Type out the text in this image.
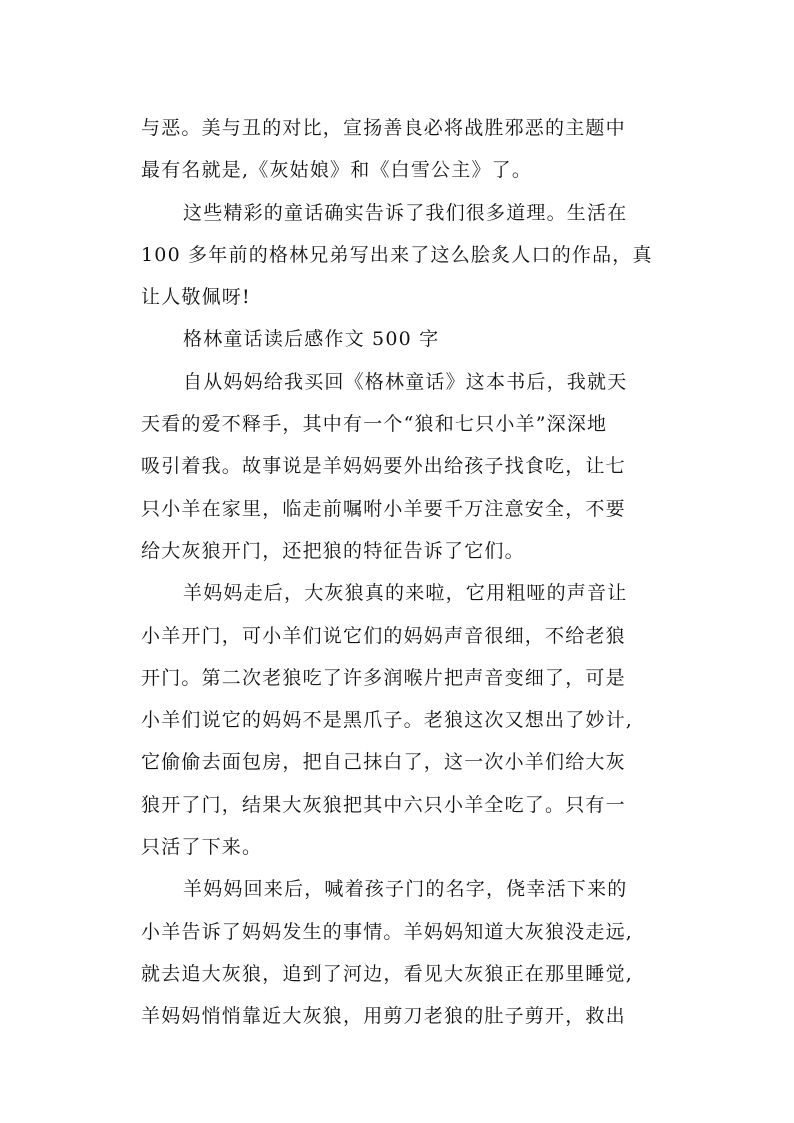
与恶。美与丑的对比，宣扬善良必将战胜邪恶的主题中
最有名就是,《灰姑娘》和《白雪公主》了。
这些精彩的童话确实告诉了我们很多道理。生活在
100 多年前的格林兄弟写出来了这么脍炙人口的作品，真
让人敬佩呀!
格林童话读后感作文 500 字
自从妈妈给我买回《格林童话》这本书后，我就天
天看的爱不释手，其中有一个“狼和七只小羊”深深地
吸引着我。故事说是羊妈妈要外出给孩子找食吃，让七
只小羊在家里，临走前嘱咐小羊要千万注意安全，不要
给大灰狼开门，还把狼的特征告诉了它们。
羊妈妈走后，大灰狼真的来啦，它用粗哑的声音让
小羊开门，可小羊们说它们的妈妈声音很细，不给老狼
开门。第二次老狼吃了许多润喉片把声音变细了，可是
小羊们说它的妈妈不是黑爪子。老狼这次又想出了妙计,
它偷偷去面包房，把自己抹白了，这一次小羊们给大灰
狼开了门，结果大灰狼把其中六只小羊全吃了。只有一
只活了下来。
羊妈妈回来后，喊着孩子门的名字，侥幸活下来的
小羊告诉了妈妈发生的事情。羊妈妈知道大灰狼没走远,
就去追大灰狼，追到了河边，看见大灰狼正在那里睡觉,
羊妈妈悄悄靠近大灰狼，用剪刀老狼的肚子剪开，救出
